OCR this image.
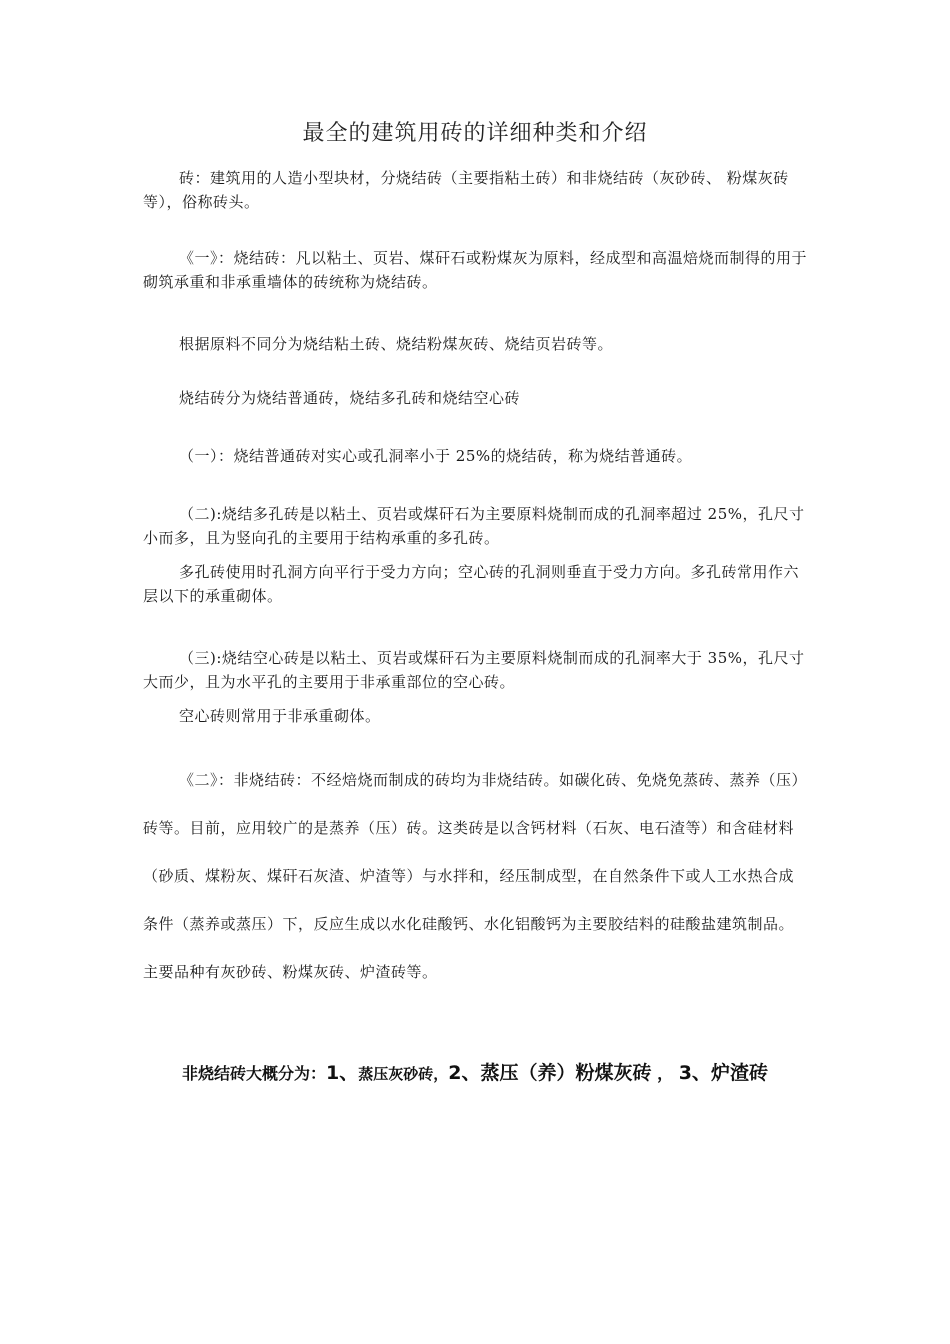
最全的建筑用砖的详细种类和介绍

砖：建筑用的人造小型块材，分烧结砖（主要指粘土砖）和非烧结砖（灰砂砖、 粉煤灰砖等），俗称砖头。

《一》：烧结砖：凡以粘土、页岩、煤矸石或粉煤灰为原料，经成型和高温焙烧而制得的用于砌筑承重和非承重墙体的砖统称为烧结砖。

根据原料不同分为烧结粘土砖、烧结粉煤灰砖、烧结页岩砖等。

烧结砖分为烧结普通砖，烧结多孔砖和烧结空心砖

（一）：烧结普通砖对实心或孔洞率小于 25%的烧结砖，称为烧结普通砖。

（二):烧结多孔砖是以粘土、页岩或煤矸石为主要原料烧制而成的孔洞率超过 25%，孔尺寸小而多，且为竖向孔的主要用于结构承重的多孔砖。

多孔砖使用时孔洞方向平行于受力方向；空心砖的孔洞则垂直于受力方向。多孔砖常用作六层以下的承重砌体。

（三):烧结空心砖是以粘土、页岩或煤矸石为主要原料烧制而成的孔洞率大于 35%，孔尺寸大而少，且为水平孔的主要用于非承重部位的空心砖。

空心砖则常用于非承重砌体。

《二》：非烧结砖：不经焙烧而制成的砖均为非烧结砖。如碳化砖、免烧免蒸砖、蒸养（压）砖等。目前，应用较广的是蒸养（压）砖。这类砖是以含钙材料（石灰、电石渣等）和含硅材料（砂质、煤粉灰、煤矸石灰渣、炉渣等）与水拌和，经压制成型，在自然条件下或人工水热合成条件（蒸养或蒸压）下，反应生成以水化硅酸钙、水化铝酸钙为主要胶结料的硅酸盐建筑制品。主要品种有灰砂砖、粉煤灰砖、炉渣砖等。

非烧结砖大概分为：1、蒸压灰砂砖，2、蒸压（养）粉煤灰砖 ， 3、炉渣砖
